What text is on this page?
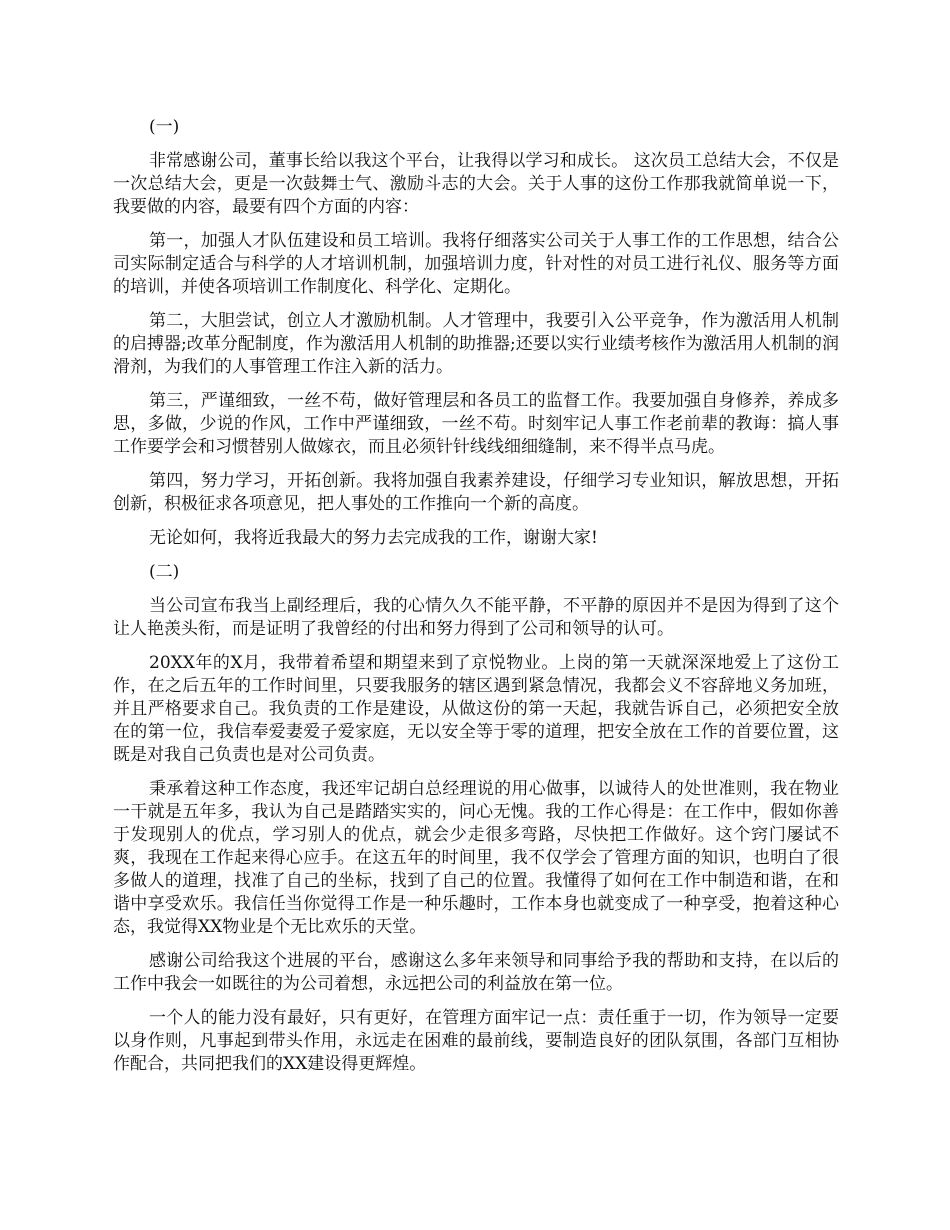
(一)

非常感谢公司，董事长给以我这个平台，让我得以学习和成长。 这次员工总结大会，不仅是一次总结大会，更是一次鼓舞士气、激励斗志的大会。关于人事的这份工作那我就简单说一下，我要做的内容，最要有四个方面的内容：

第一，加强人才队伍建设和员工培训。我将仔细落实公司关于人事工作的工作思想，结合公司实际制定适合与科学的人才培训机制，加强培训力度，针对性的对员工进行礼仪、服务等方面的培训，并使各项培训工作制度化、科学化、定期化。

第二，大胆尝试，创立人才激励机制。人才管理中，我要引入公平竞争，作为激活用人机制的启搏器;改革分配制度，作为激活用人机制的助推器;还要以实行业绩考核作为激活用人机制的润滑剂，为我们的人事管理工作注入新的活力。

第三，严谨细致，一丝不苟，做好管理层和各员工的监督工作。我要加强自身修养，养成多思，多做，少说的作风，工作中严谨细致，一丝不苟。时刻牢记人事工作老前辈的教诲：搞人事工作要学会和习惯替别人做嫁衣，而且必须针针线线细细缝制，来不得半点马虎。

第四，努力学习，开拓创新。我将加强自我素养建设，仔细学习专业知识，解放思想，开拓创新，积极征求各项意见，把人事处的工作推向一个新的高度。

无论如何，我将近我最大的努力去完成我的工作，谢谢大家!

(二)

当公司宣布我当上副经理后，我的心情久久不能平静，不平静的原因并不是因为得到了这个让人艳羡头衔，而是证明了我曾经的付出和努力得到了公司和领导的认可。

20XX年的X月，我带着希望和期望来到了京悦物业。上岗的第一天就深深地爱上了这份工作，在之后五年的工作时间里，只要我服务的辖区遇到紧急情况，我都会义不容辞地义务加班，并且严格要求自己。我负责的工作是建设，从做这份的第一天起，我就告诉自己，必须把安全放在的第一位，我信奉爱妻爱子爱家庭，无以安全等于零的道理，把安全放在工作的首要位置，这既是对我自己负责也是对公司负责。

秉承着这种工作态度，我还牢记胡白总经理说的用心做事，以诚待人的处世准则，我在物业一干就是五年多，我认为自己是踏踏实实的，问心无愧。我的工作心得是：在工作中，假如你善于发现别人的优点，学习别人的优点，就会少走很多弯路，尽快把工作做好。这个窍门屡试不爽，我现在工作起来得心应手。在这五年的时间里，我不仅学会了管理方面的知识，也明白了很多做人的道理，找准了自己的坐标，找到了自己的位置。我懂得了如何在工作中制造和谐，在和谐中享受欢乐。我信任当你觉得工作是一种乐趣时，工作本身也就变成了一种享受，抱着这种心态，我觉得XX物业是个无比欢乐的天堂。

感谢公司给我这个进展的平台，感谢这么多年来领导和同事给予我的帮助和支持，在以后的工作中我会一如既往的为公司着想，永远把公司的利益放在第一位。

一个人的能力没有最好，只有更好，在管理方面牢记一点：责任重于一切，作为领导一定要以身作则，凡事起到带头作用，永远走在困难的最前线，要制造良好的团队氛围，各部门互相协作配合，共同把我们的XX建设得更辉煌。
